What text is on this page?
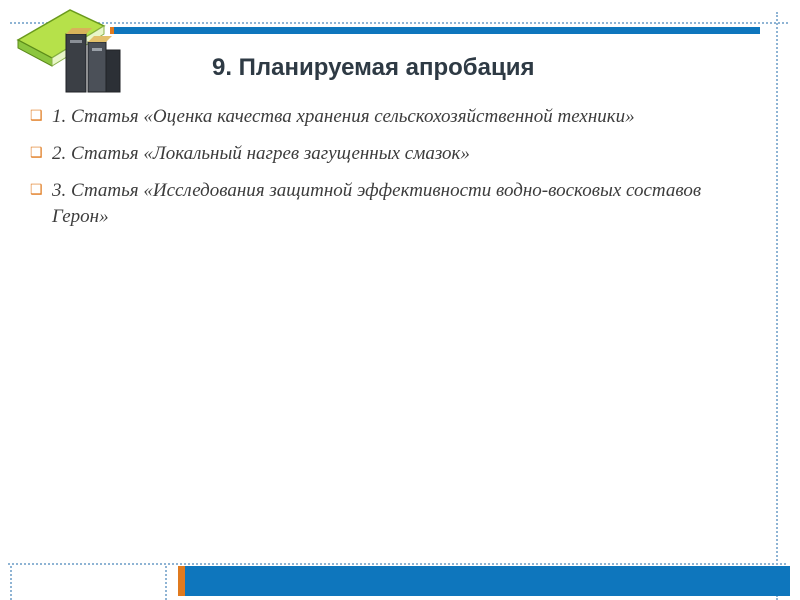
9. Планируемая апробация
❑ 1. Статья «Оценка качества хранения сельскохозяйственной техники»
❑ 2. Статья «Локальный нагрев загущенных смазок»
❑ 3. Статья «Исследования защитной эффективности водно-восковых составов Герон»
